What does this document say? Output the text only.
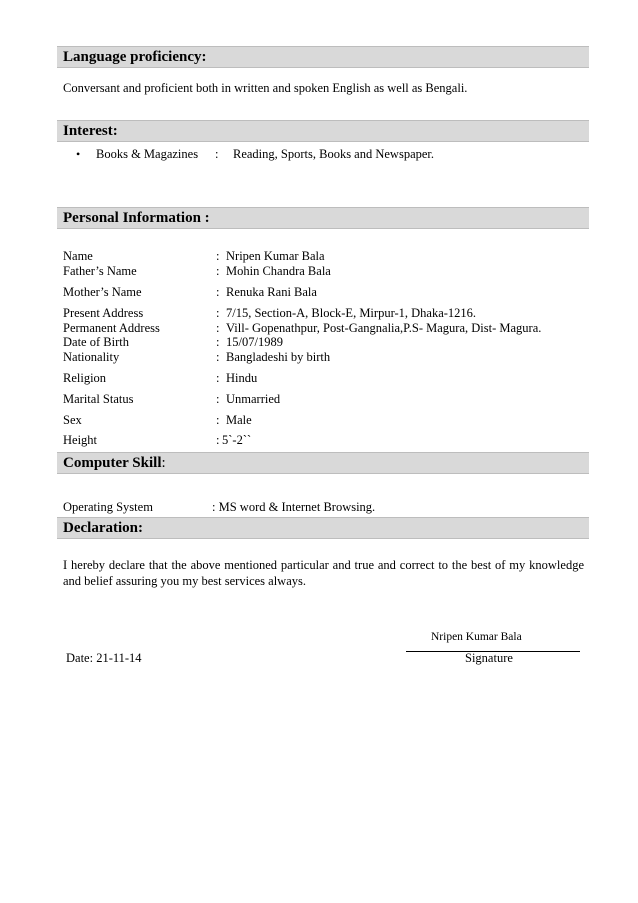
Language proficiency:
Conversant and proficient both in written and spoken English as well as Bengali.
Interest:
• Books & Magazines : Reading, Sports, Books and Newspaper.
Personal Information :
Name	: Nripen Kumar Bala
Father’s Name	: Mohin Chandra Bala
Mother’s Name	: Renuka Rani Bala
Present Address	: 7/15, Section-A, Block-E, Mirpur-1, Dhaka-1216.
Permanent Address	: Vill- Gopenathpur, Post-Gangnalia,P.S- Magura, Dist- Magura.
Date of Birth	: 15/07/1989
Nationality	: Bangladeshi by birth
Religion	: Hindu
Marital Status	: Unmarried
Sex	: Male
Height	: 5`-2``
Computer Skill:
Operating System	: MS word & Internet Browsing.
Declaration:
I hereby declare that the above mentioned particular and true and correct to the best of my knowledge and belief assuring you my best services always.
Nripen Kumar Bala
Date: 21-11-14	Signature
